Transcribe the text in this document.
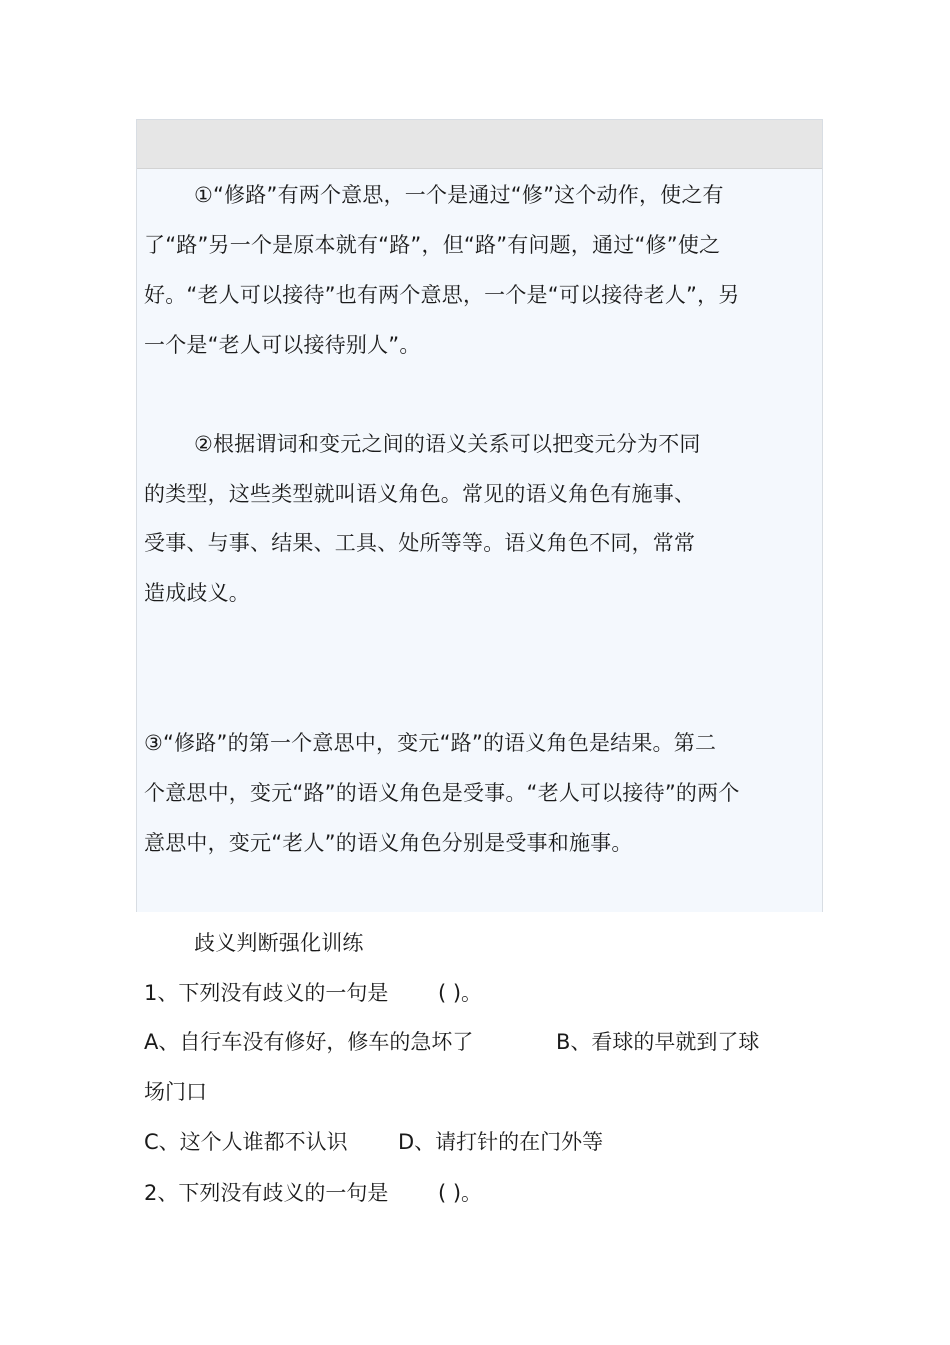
①“修路”有两个意思，一个是通过“修”这个动作，使之有
了“路”另一个是原本就有“路”，但“路”有问题，通过“修”使之
好。“老人可以接待”也有两个意思，一个是“可以接待老人”，另
一个是“老人可以接待别人”。
②根据谓词和变元之间的语义关系可以把变元分为不同
的类型，这些类型就叫语义角色。常见的语义角色有施事、
受事、与事、结果、工具、处所等等。语义角色不同，常常
造成歧义。
③“修路”的第一个意思中，变元“路”的语义角色是结果。第二
个意思中，变元“路”的语义角色是受事。“老人可以接待”的两个
意思中，变元“老人”的语义角色分别是受事和施事。
歧义判断强化训练
1、下列没有歧义的一句是 ( )。
A、自行车没有修好，修车的急坏了	B、看球的早就到了球
场门口
C、这个人谁都不认识 D、请打针的在门外等
2、下列没有歧义的一句是 ( )。
